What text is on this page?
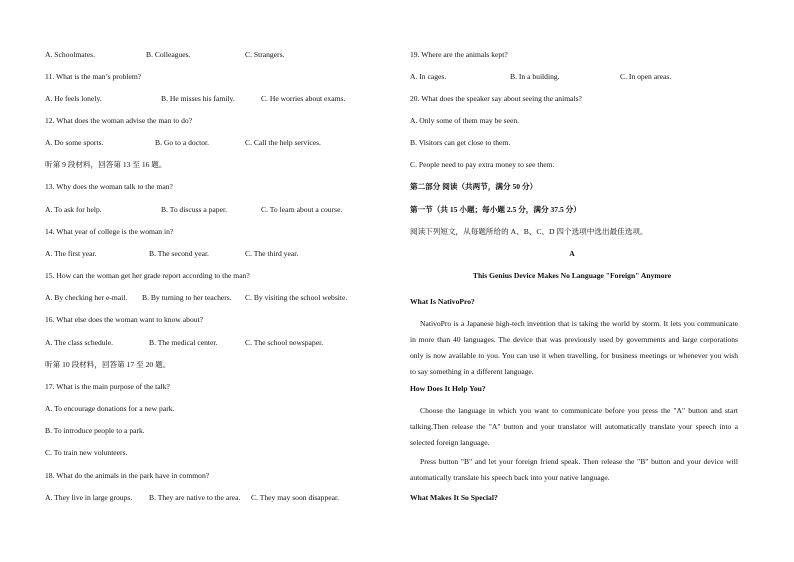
A. Schoolmates.	B. Colleagues.	C. Strangers.
11. What is the man’s problem?
A. He feels lonely.	B. He misses his family.	C. He worries about exams.
12. What does the woman advise the man to do?
A. Do some sports.	B. Go to a doctor.	C. Call the help services.
听第 9 段材料，回答第 13 至 16 题。
13. Why does the woman talk to the man?
A. To ask for help.	B. To discuss a paper.	C. To learn about a course.
14. What year of college is the woman in?
A. The first year.	B. The second year.	C. The third year.
15. How can the woman get her grade report according to the man?
A. By checking her e-mail. B. By turning to her teachers. C. By visiting the school website.
16. What else does the woman want to know about?
A. The class schedule.	B. The medical center.	C. The school newspaper.
听第 10 段材料，回答第 17 至 20 题。
17. What is the main purpose of the talk?
A. To encourage donations for a new park.
B. To introduce people to a park.
C. To train new volunteers.
18. What do the animals in the park have in common?
A. They live in large groups. B. They are native to the area. C. They may soon disappear.
19. Where are the animals kept?
A. In cages.	B. In a building.	C. In open areas.
20. What does the speaker say about seeing the animals?
A. Only some of them may be seen.
B. Visitors can get close to them.
C. People need to pay extra money to see them.
第二部分 阅读（共两节，满分 50 分）
第一节（共 15 小题；每小题 2.5 分，满分 37.5 分）
阅读下列短文，从每题所给的 A、B、C、D 四个选项中选出最佳选项。
A
This Genius Device Makes No Language "Foreign" Anymore
What Is NativoPro?
NativoPro is a Japanese high-tech invention that is taking the world by storm. It lets you communicate in more than 40 languages. The device that was previously used by governments and large corporations only is now available to you. You can use it when travelling, for business meetings or whenever you wish to say something in a different language.
How Does It Help You?
Choose the language in which you want to communicate before you press the "A" button and start talking.Then release the "A" button and your translator will automatically translate your speech into a selected foreign language.
Press button "B" and let your foreign friend speak. Then release the "B" button and your device will automatically translate his speech back into your native language.
What Makes It So Special?
